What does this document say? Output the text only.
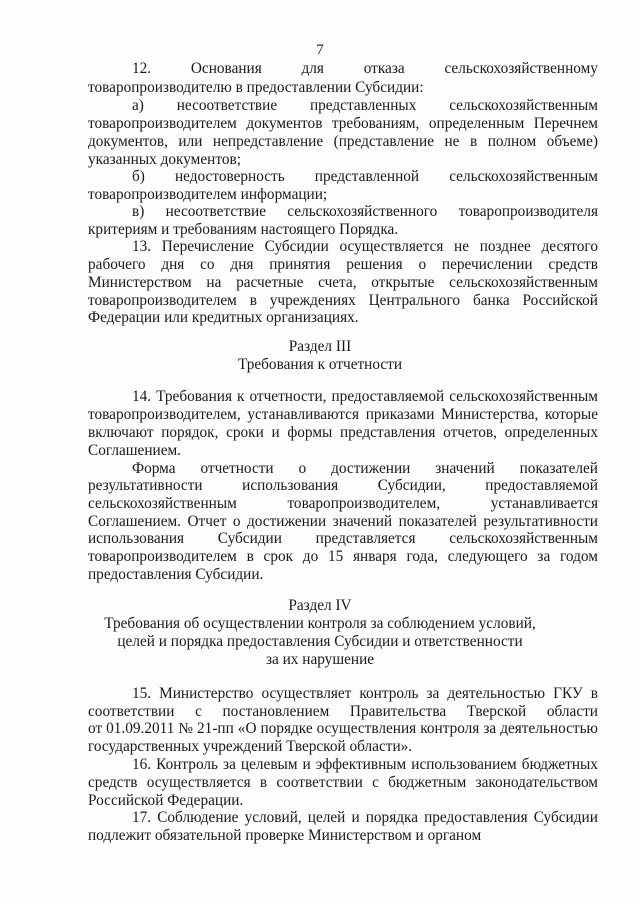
7
12.	Основания	для	отказа	сельскохозяйственному
товаропроизводителю в предоставлении Субсидии:
а) несоответствие представленных сельскохозяйственным
товаропроизводителем документов требованиям, определенным Перечнем
документов, или непредставление (представление не в полном объеме)
указанных документов;
б) недостоверность представленной сельскохозяйственным
товаропроизводителем информации;
в) несоответствие сельскохозяйственного товаропроизводителя
критериям и требованиям настоящего Порядка.
13. Перечисление Субсидии осуществляется не позднее десятого
рабочего дня со дня принятия решения о перечислении средств
Министерством на расчетные счета, открытые сельскохозяйственным
товаропроизводителем в учреждениях Центрального банка Российской
Федерации или кредитных организациях.
14. Требования к отчетности, предоставляемой сельскохозяйственным
товаропроизводителем, устанавливаются приказами Министерства, которые
включают порядок, сроки и формы представления отчетов, определенных
Соглашением.
Форма отчетности о достижении значений показателей
результативности	использования	Субсидии,	предоставляемой
сельскохозяйственным	товаропроизводителем,	устанавливается
Соглашением. Отчет о достижении значений показателей результативности
использования Субсидии представляется сельскохозяйственным
товаропроизводителем в срок до 15 января года, следующего за годом
предоставления Субсидии.
15. Министерство осуществляет контроль за деятельностью ГКУ в
соответствии с постановлением Правительства Тверской области
от 01.09.2011 № 21-пп «О порядке осуществления контроля за деятельностью
государственных учреждений Тверской области».
16. Контроль за целевым и эффективным использованием бюджетных
средств осуществляется в соответствии с бюджетным законодательством
Российской Федерации.
17. Соблюдение условий, целей и порядка предоставления Субсидии
подлежит обязательной проверке Министерством и органом
Раздел III
Требования к отчетности
Раздел IV
Требования об осуществлении контроля за соблюдением условий,
целей и порядка предоставления Субсидии и ответственности
за их нарушение
